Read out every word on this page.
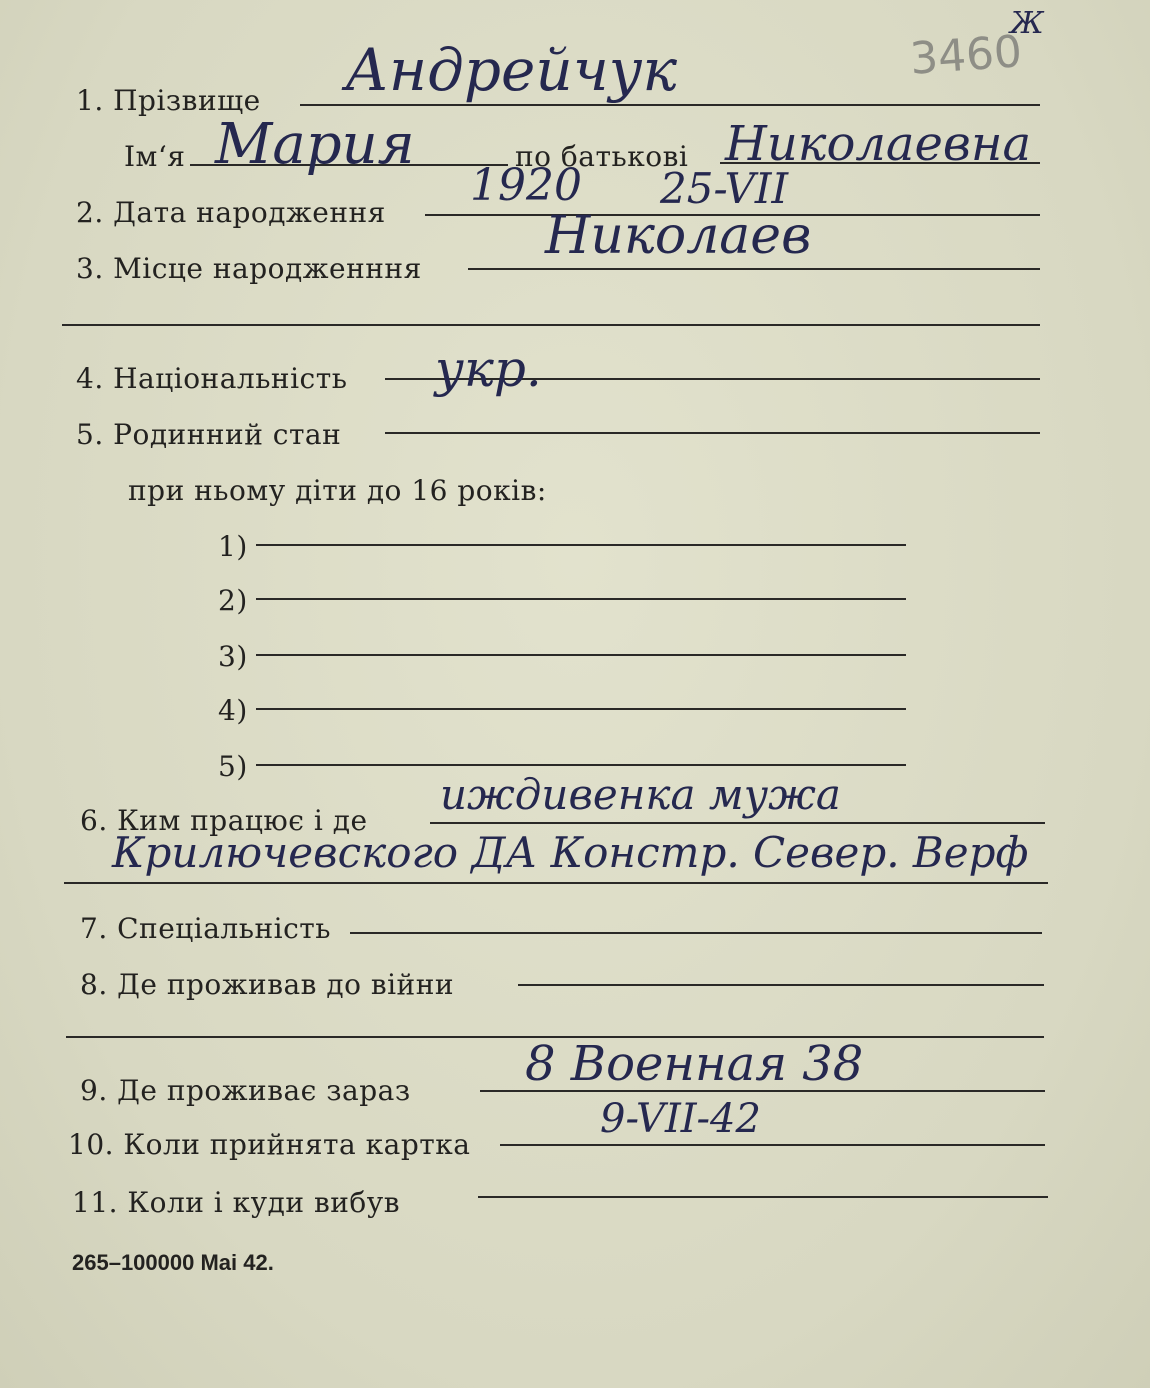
Ж
3460
1. Прізвище Андрейчук
Ім‘я Мария	по батькові Николаевна
2. Дата народження
1920 25-VII
3. Місце народженння
Николаев
4. Національність укр.
5. Родинний стан
при ньому діти до 16 років:
1)
2)
3)
4)
5)
6. Ким працює і де
иждивенка мужа
Крилючевского ДА Констр. Север. Верф
7. Спеціальність
8. Де проживав до війни
9. Де проживає зараз 8 Военная 38
10. Коли прийнята картка
9-VII-42
11. Коли і куди вибув
265–100000 Mai 42.
